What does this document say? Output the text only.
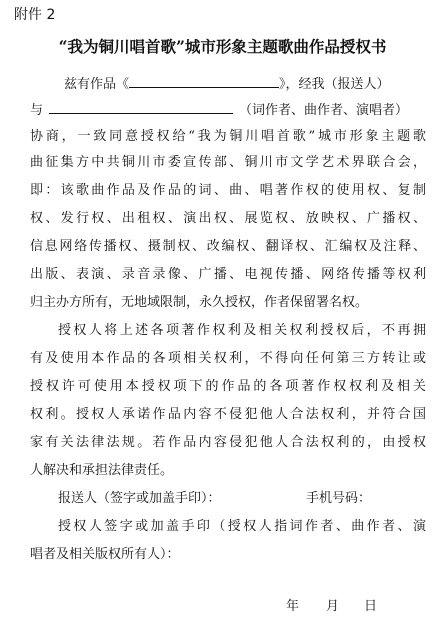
附件 2
“我为铜川唱首歌”城市形象主题歌曲作品授权书
兹有作品《	》，经我（报送人）
与	（词作者、曲作者、演唱者）
协商，一致同意授权给“我为铜川唱首歌”城市形象主题歌
曲征集方中共铜川市委宣传部、铜川市文学艺术界联合会，
即：该歌曲作品及作品的词、曲、唱著作权的使用权、复制
权、发行权、出租权、演出权、展览权、放映权、广播权、
信息网络传播权、摄制权、改编权、翻译权、汇编权及注释、
出版、表演、录音录像、广播、电视传播、网络传播等权利
归主办方所有，无地域限制，永久授权，作者保留署名权。
授权人将上述各项著作权利及相关权利授权后，不再拥
有及使用本作品的各项相关权利，不得向任何第三方转让或
授权许可使用本授权项下的作品的各项著作权权利及相关
权利。授权人承诺作品内容不侵犯他人合法权利，并符合国
家有关法律法规。若作品内容侵犯他人合法权利的，由授权
人解决和承担法律责任。
报送人（签字或加盖手印）：	手机号码：
授权人签字或加盖手印（授权人指词作者、曲作者、演
唱者及相关版权所有人）：
年 月 日
